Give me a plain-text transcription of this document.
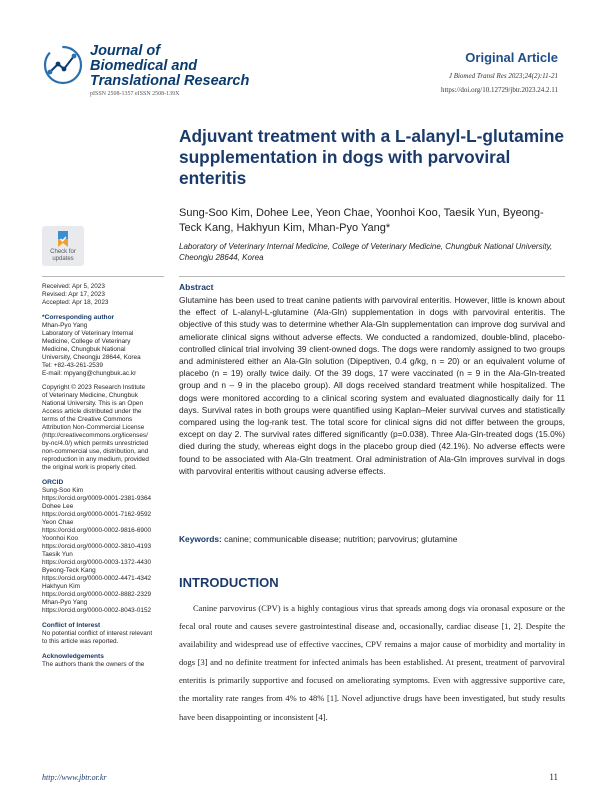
Journal of
Biomedical and
Translational Research
pISSN 2508-1357 eISSN 2508-139X
Original Article
J Biomed Transl Res 2023;24(2):11-21
https://doi.org/10.12729/jbtr.2023.24.2.11
Adjuvant treatment with a L-alanyl-L-glutamine supplementation in dogs with parvoviral enteritis
Sung-Soo Kim, Dohee Lee, Yeon Chae, Yoonhoi Koo, Taesik Yun, Byeong-Teck Kang, Hakhyun Kim, Mhan-Pyo Yang*
Laboratory of Veterinary Internal Medicine, College of Veterinary Medicine, Chungbuk National University, Cheongju 28644, Korea
Check for
updates
Received: Apr 5, 2023
Revised: Apr 17, 2023
Accepted: Apr 18, 2023
*Corresponding author
Mhan-Pyo Yang
Laboratory of Veterinary Internal
Medicine, College of Veterinary
Medicine, Chungbuk National
University, Cheongju 28644, Korea
Tel: +82-43-261-2539
E-mail: mpyang@chungbuk.ac.kr
Copyright © 2023 Research Institute
of Veterinary Medicine, Chungbuk
National University. This is an Open
Access article distributed under the
terms of the Creative Commons
Attribution Non-Commercial License
(http://creativecommons.org/licenses/
by-nc/4.0/) which permits unrestricted
non-commercial use, distribution, and
reproduction in any medium, provided
the original work is properly cited.
ORCID
Sung-Soo Kim
https://orcid.org/0009-0001-2381-9364
Dohee Lee
https://orcid.org/0000-0001-7162-9592
Yeon Chae
https://orcid.org/0000-0002-9816-6900
Yoonhoi Koo
https://orcid.org/0000-0002-3810-4193
Taesik Yun
https://orcid.org/0000-0003-1372-4430
Byeong-Teck Kang
https://orcid.org/0000-0002-4471-4342
Hakhyun Kim
https://orcid.org/0000-0002-8882-2329
Mhan-Pyo Yang
https://orcid.org/0000-0002-8043-0152
Conflict of Interest
No potential conflict of interest relevant
to this article was reported.
Acknowledgements
The authors thank the owners of the
Abstract
Glutamine has been used to treat canine patients with parvoviral enteritis. However, little is known about the effect of L-alanyl-L-glutamine (Ala-Gln) supplementation in dogs with parvoviral enteritis. The objective of this study was to determine whether Ala-Gln supplementation can improve dog survival and ameliorate clinical signs without adverse effects. We conducted a randomized, double-blind, placebo-controlled clinical trial involving 39 client-owned dogs. The dogs were randomly assigned to two groups and administered either an Ala-Gln solution (Dipeptiven, 0.4 g/kg, n = 20) or an equivalent volume of placebo (n = 19) orally twice daily. Of the 39 dogs, 17 were vaccinated (n = 9 in the Ala-Gln-treated group and n – 9 in the placebo group). All dogs received standard treatment while hospitalized. The dogs were monitored according to a clinical scoring system and evaluated diagnostically daily for 11 days. Survival rates in both groups were quantified using Kaplan–Meier survival curves and statistically compared using the log-rank test. The total score for clinical signs did not differ between the groups, except on day 2. The survival rates differed significantly (p=0.038). Three Ala-Gln-treated dogs (15.0%) died during the study, whereas eight dogs in the placebo group died (42.1%). No adverse effects were found to be associated with Ala-Gln treatment. Oral administration of Ala-Gln improves survival in dogs with parvoviral enteritis without causing adverse effects.
Keywords: canine; communicable disease; nutrition; parvovirus; glutamine
INTRODUCTION

Canine parvovirus (CPV) is a highly contagious virus that spreads among dogs via oronasal exposure or the fecal oral route and causes severe gastrointestinal disease and, occasionally, cardiac disease [1, 2]. Despite the availability and widespread use of effective vaccines, CPV remains a major cause of morbidity and mortality in dogs [3] and no definite treatment for infected animals has been established. At present, treatment of parvoviral enteritis is primarily supportive and focused on ameliorating symptoms. Even with aggressive supportive care, the mortality rate ranges from 4% to 48% [1]. Novel adjunctive drugs have been investigated, but study results have been disappointing or inconsistent [4].

http://www.jbtr.or.kr	11
